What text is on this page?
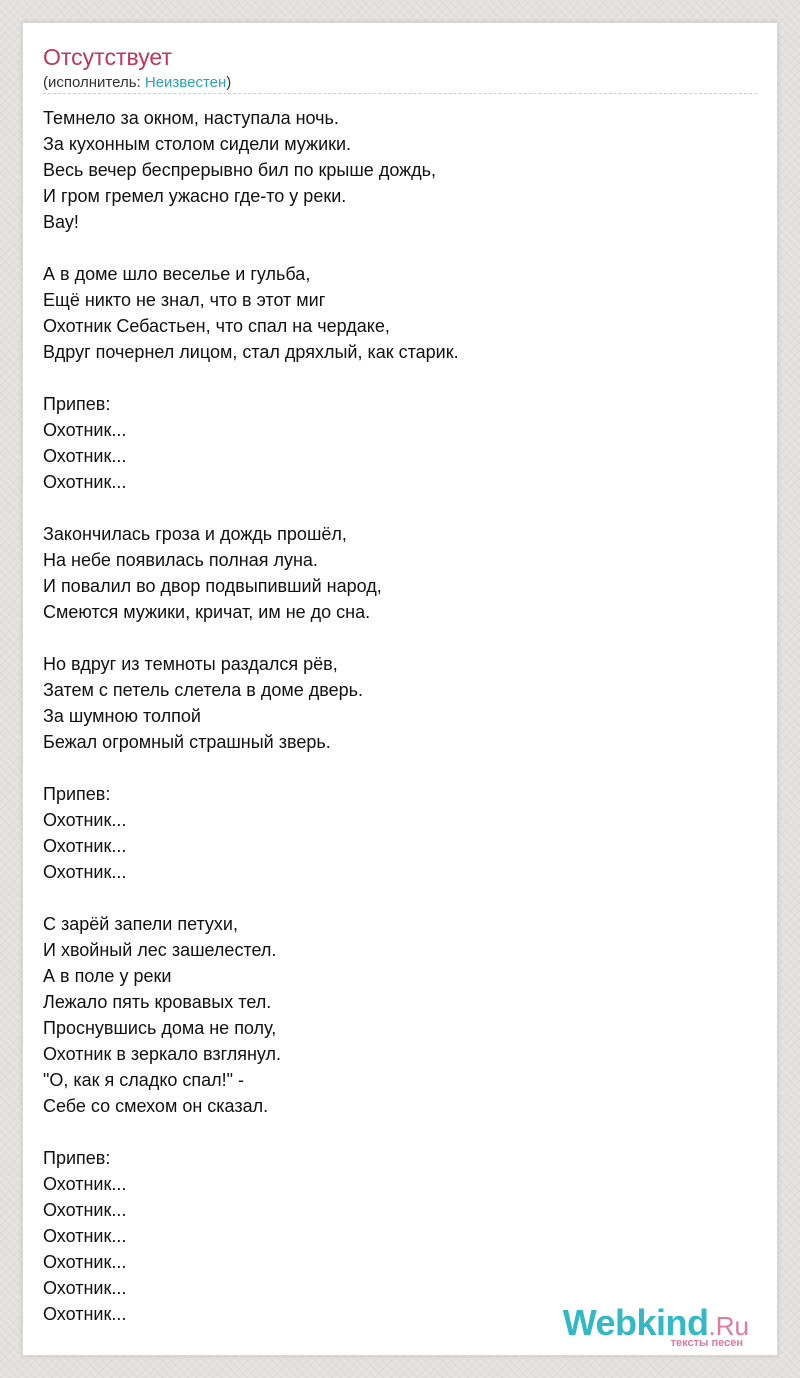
Отсутствует
(исполнитель: Неизвестен)
Темнело за окном, наступала ночь.
За кухонным столом сидели мужики.
Весь вечер беспрерывно бил по крыше дождь,
И гром гремел ужасно где-то у реки.
Вау!
А в доме шло веселье и гульба,
Ещё никто не знал, что в этот миг
Охотник Себастьен, что спал на чердаке,
Вдруг почернел лицом, стал дряхлый, как старик.
Припев:
Охотник...
Охотник...
Охотник...
Закончилась гроза и дождь прошёл,
На небе появилась полная луна.
И повалил во двор подвыпивший народ,
Смеются мужики, кричат, им не до сна.
Но вдруг из темноты раздался рёв,
Затем с петель слетела в доме дверь.
За шумною толпой
Бежал огромный страшный зверь.
Припев:
Охотник...
Охотник...
Охотник...
С зарёй запели петухи,
И хвойный лес зашелестел.
А в поле у реки
Лежало пять кровавых тел.
Проснувшись дома не полу,
Охотник в зеркало взглянул.
"О, как я сладко спал!" -
Себе со смехом он сказал.
Припев:
Охотник...
Охотник...
Охотник...
Охотник...
Охотник...
Охотник...	Webkind.Ru
тексты песен
